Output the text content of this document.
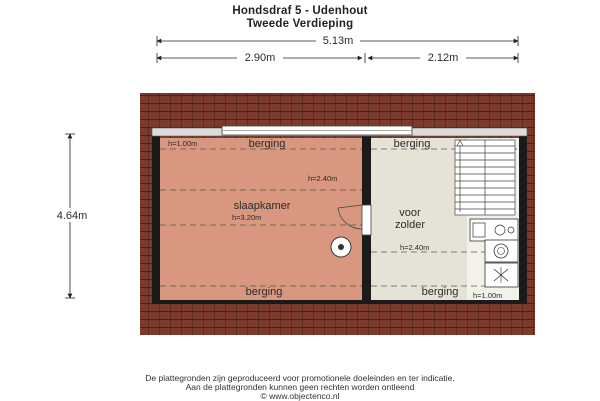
Hondsdraf 5 - Udenhout
Tweede Verdieping
5.13m
2.90m	2.12m
4.64m
berging	berging
berging	berging
slaapkamer
voor
zolder
h=1.00m
h=2.40m
h=3.20m
h=2.40m
h=1.00m
De plattegronden zijn geproduceerd voor promotionele doeleinden en ter indicatie.
Aan de plattegronden kunnen geen rechten worden ontleend
© www.objectenco.nl
